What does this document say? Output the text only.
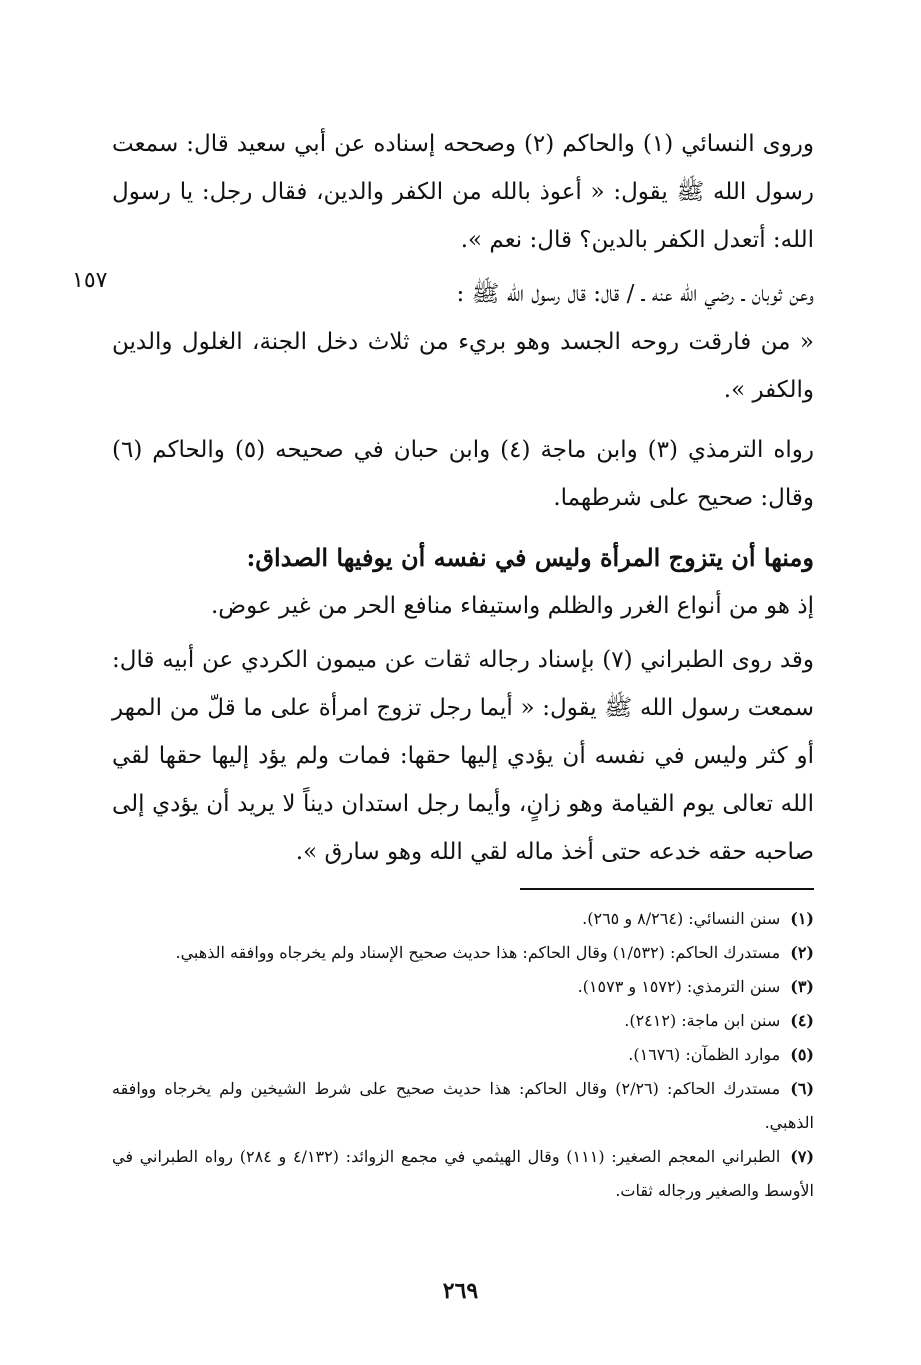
١٥٧

وروى النسائي (١) والحاكم (٢) وصححه إسناده عن أبي سعيد قال: سمعت رسول الله ﷺ يقول: « أعوذ بالله من الكفر والدين، فقال رجل: يا رسول الله: أتعدل الكفر بالدين؟ قال: نعم ».

وعن ثوبان ـ رضي الله عنه ـ / قال: قال رسول الله ﷺ :

« من فارقت روحه الجسد وهو بريء من ثلاث دخل الجنة، الغلول والدين والكفر ».

رواه الترمذي (٣) وابن ماجة (٤) وابن حبان في صحيحه (٥) والحاكم (٦) وقال: صحيح على شرطهما.

ومنها أن يتزوج المرأة وليس في نفسه أن يوفيها الصداق:

إذ هو من أنواع الغرر والظلم واستيفاء منافع الحر من غير عوض.

وقد روى الطبراني (٧) بإسناد رجاله ثقات عن ميمون الكردي عن أبيه قال: سمعت رسول الله ﷺ يقول: « أيما رجل تزوج امرأة على ما قلّ من المهر أو كثر وليس في نفسه أن يؤدي إليها حقها: فمات ولم يؤد إليها حقها لقي الله تعالى يوم القيامة وهو زانٍ، وأيما رجل استدان ديناً لا يريد أن يؤدي إلى صاحبه حقه خدعه حتى أخذ ماله لقي الله وهو سارق ».

(١)سنن النسائي: (٨/٢٦٤ و ٢٦٥).

(٢)مستدرك الحاكم: (١/٥٣٢) وقال الحاكم: هذا حديث صحيح الإسناد ولم يخرجاه ووافقه الذهبي.

(٣)سنن الترمذي: (١٥٧٢ و ١٥٧٣).

(٤)سنن ابن ماجة: (٢٤١٢).

(٥)موارد الظمآن: (١٦٧٦).

(٦)مستدرك الحاكم: (٢/٢٦) وقال الحاكم: هذا حديث صحيح على شرط الشيخين ولم يخرجاه ووافقه الذهبي.

(٧)الطبراني المعجم الصغير: (١١١) وقال الهيثمي في مجمع الزوائد: (٤/١٣٢ و ٢٨٤) رواه الطبراني في الأوسط والصغير ورجاله ثقات.

٢٦٩
